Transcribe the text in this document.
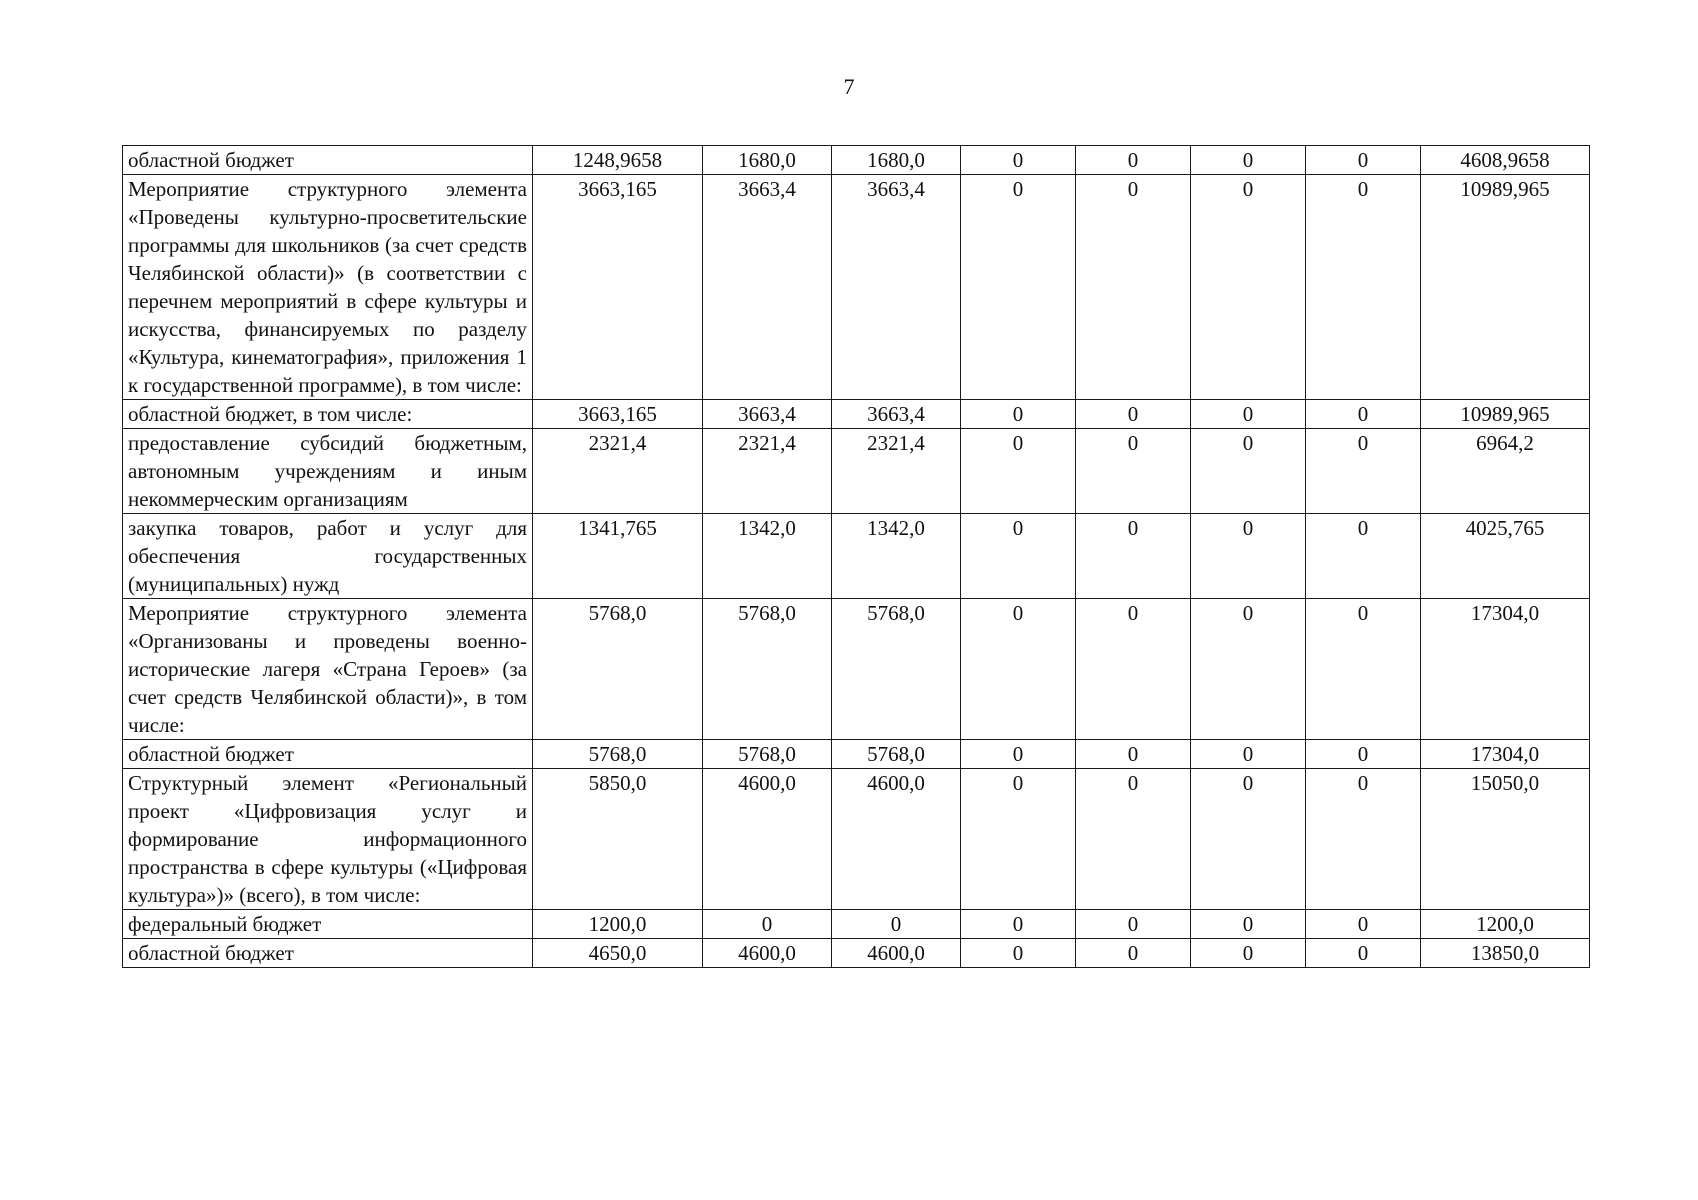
7
областной бюджет	1248,9658	1680,0	1680,0	0	0	0	0	4608,9658
Мероприятие структурного элемента «Проведены культурно-просветительские программы для школьников (за счет средств Челябинской области)» (в соответствии с перечнем мероприятий в сфере культуры и искусства, финансируемых по разделу «Культура, кинематография», приложения 1 к государственной программе), в том числе:	3663,165	3663,4	3663,4	0	0	0	0	10989,965
областной бюджет, в том числе:	3663,165	3663,4	3663,4	0	0	0	0	10989,965
предоставление субсидий бюджетным, автономным учреждениям и иным некоммерческим организациям	2321,4	2321,4	2321,4	0	0	0	0	6964,2
закупка товаров, работ и услуг для обеспечения государственных (муниципальных) нужд	1341,765	1342,0	1342,0	0	0	0	0	4025,765
Мероприятие структурного элемента «Организованы и проведены военно-исторические лагеря «Страна Героев» (за счет средств Челябинской области)», в том числе:	5768,0	5768,0	5768,0	0	0	0	0	17304,0
областной бюджет	5768,0	5768,0	5768,0	0	0	0	0	17304,0
Структурный элемент «Региональный проект «Цифровизация услуг и формирование информационного пространства в сфере культуры («Цифровая культура»)» (всего), в том числе:	5850,0	4600,0	4600,0	0	0	0	0	15050,0
федеральный бюджет	1200,0	0	0	0	0	0	0	1200,0
областной бюджет	4650,0	4600,0	4600,0	0	0	0	0	13850,0
